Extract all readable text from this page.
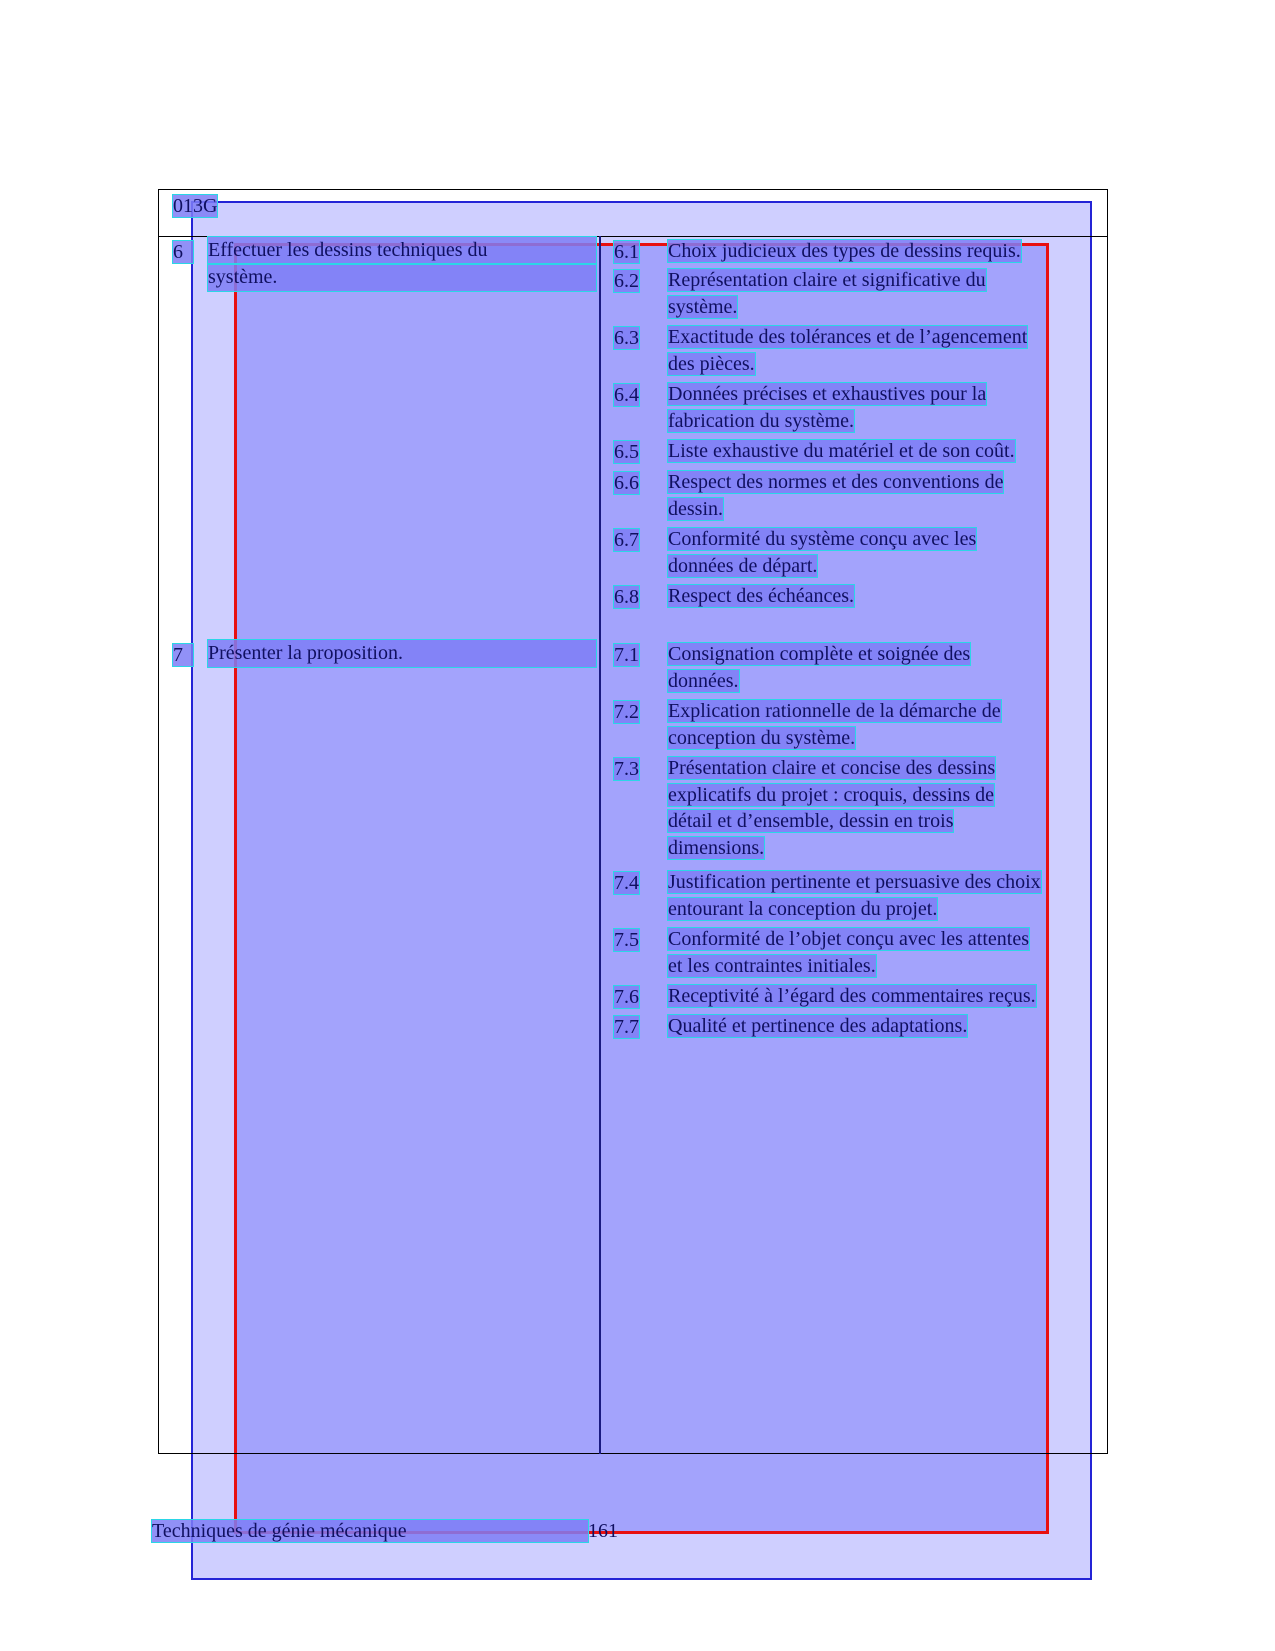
013G
6	Effectuer les dessins techniques du
système.
6.1 Choix judicieux des types de dessins requis.
6.2 Représentation claire et significative du
système.
6.3 Exactitude des tolérances et de l’agencement
des pièces.
6.4 Données précises et exhaustives pour la
fabrication du système.
6.5 Liste exhaustive du matériel et de son coût.
6.6 Respect des normes et des conventions de
dessin.
6.7 Conformité du système conçu avec les
données de départ.
6.8 Respect des échéances.
7	Présenter la proposition.	7.1 Consignation complète et soignée des
données.
7.2 Explication rationnelle de la démarche de
conception du système.
7.3 Présentation claire et concise des dessins
explicatifs du projet : croquis, dessins de
détail et d’ensemble, dessin en trois
dimensions.
7.4 Justification pertinente et persuasive des choix
entourant la conception du projet.
7.5 Conformité de l’objet conçu avec les attentes
et les contraintes initiales.
7.6 Receptivité à l’égard des commentaires reçus.
7.7 Qualité et pertinence des adaptations.
Techniques de génie mécanique	161
